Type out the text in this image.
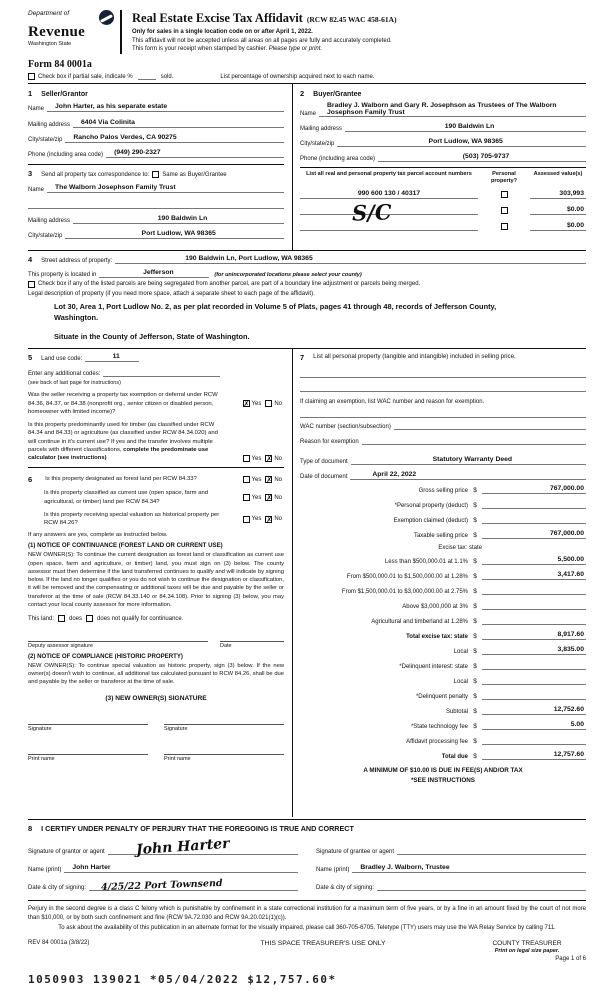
Department of
Revenue
Washington State
Real Estate Excise Tax Affidavit (RCW 82.45 WAC 458-61A)
Only for sales in a single location code on or after April 1, 2022.
This affidavit will not be accepted unless all areas on all pages are fully and accurately completed.
This form is your receipt when stamped by cashier. Please type or print.
Form 84 0001a
Check box if partial sale, indicate %	sold.	List percentage of ownership acquired next to each name.
1	Seller/Grantor
Name	John Harter, as his separate estate
Mailing address	6404 Via Colinita
City/state/zip	Rancho Palos Verdes, CA 90275
Phone (including area code)	(949) 290-2327
3	Send all property tax correspondence to:	Same as Buyer/Grantee
Name	The Walborn Josephson Family Trust
Mailing address	190 Baldwin Ln
City/state/zip	Port Ludlow, WA 98365
2	Buyer/Grantee
Name
Bradley J. Walborn and Gary R. Josephson as Trustees of The Walborn Josephson Family Trust
Mailing address	190 Baldwin Ln
City/state/zip	Port Ludlow, WA 98365
Phone (including area code)	(503) 705-9737
List all real and personal property tax parcel account numbers	Personal property?
Assessed value(s)
990 600 130 / 40317	303,993
$0.00
$0.00
S/C
4	Street address of property:	190 Baldwin Ln, Port Ludlow, WA 98365
This property is located in	Jefferson	(for unincorporated locations please select your county)
Check box if any of the listed parcels are being segregated from another parcel, are part of a boundary line adjustment or parcels being merged.
Legal description of property (if you need more space, attach a separate sheet to each page of the affidavit).
Lot 30, Area 1, Port Ludlow No. 2, as per plat recorded in Volume 5 of Plats, pages 41 through 48, records of Jefferson County, Washington.
Situate in the County of Jefferson, State of Washington.
5	Land use code:	11
Enter any additional codes:
(see back of last page for instructions)
Was the seller receiving a property tax exemption or deferral under RCW 84.36, 84.37, or 84.38 (nonprofit org., senior citizen or disabled person, homeowner with limited income)?
✗ Yes	No
Is this property predominantly used for timber (as classified under RCW 84.34 and 84.33) or agriculture (as classified under RCW 84.34.020) and will continue in it's current use? If yes and the transfer involves multiple parcels with different classifications, complete the predominate use calculator (see instructions)	Yes ✗ No
6	Is this property designated as forest land per RCW 84.33?	Yes ✗ No
Is this property classified as current use (open space, farm and agricultural, or timber) land per RCW 84.34?
Yes ✗ No
Is this property receiving special valuation as historical property per RCW 84.26?
Yes ✗ No
If any answers are yes, complete as instructed below.
(1) NOTICE OF CONTINUANCE (FOREST LAND OR CURRENT USE)
NEW OWNER(S): To continue the current designation as forest land or classification as current use (open space, farm and agriculture, or timber) land, you must sign on (3) below. The county assessor must then determine if the land transferred continues to qualify and will indicate by signing below. If the land no longer qualifies or you do not wish to continue the designation or classification, it will be removed and the compensating or additional taxes will be due and payable by the seller or transferor at the time of sale (RCW 84.33.140 or 84.34.108). Prior to signing (3) below, you may contact your local county assessor for more information.
This land:	does	does not qualify for continuance.
Deputy assessor signature	Date
(2) NOTICE OF COMPLIANCE (HISTORIC PROPERTY)
NEW OWNER(S): To continue special valuation as historic property, sign (3) below. If the new owner(s) doesn't wish to continue, all additional tax calculated pursuant to RCW 84.26, shall be due and payable by the seller or transferor at the time of sale.
(3) NEW OWNER(S) SIGNATURE
Signature	Signature
Print name	Print name
7	List all personal property (tangible and intangible) included in selling price.
If claiming an exemption, list WAC number and reason for exemption.
WAC number (section/subsection)
Reason for exemption
Type of document	Statutory Warranty Deed
Date of document	April 22, 2022
Gross selling price $	767,000.00
*Personal property (deduct) $
Exemption claimed (deduct) $
Taxable selling price $	767,000.00
Excise tax: state
Less than $500,000.01 at 1.1% $	5,500.00
From $500,000.01 to $1,500,000.00 at 1.28% $	3,417.60
From $1,500,000.01 to $3,000,000.00 at 2.75% $
Above $3,000,000 at 3% $
Agricultural and timberland at 1.28% $
Total excise tax: state $	8,917.60
Local $	3,835.00
*Delinquent interest: state $
Local $
*Delinquent penalty $
Subtotal $	12,752.60
*State technology fee $	5.00
Affidavit processing fee $
Total due $	12,757.60
A MINIMUM OF $10.00 IS DUE IN FEE(S) AND/OR TAX
*SEE INSTRUCTIONS
8	I CERTIFY UNDER PENALTY OF PERJURY THAT THE FOREGOING IS TRUE AND CORRECT
Signature of grantor or agent	John Harter
Name (print)	John Harter
Date & city of signing:	4/25/22 Port Townsend
Signature of grantee or agent
Name (print)	Bradley J. Walborn, Trustee
Date & city of signing:
Perjury in the second degree is a class C felony which is punishable by confinement in a state correctional institution for a maximum term of five years, or by a fine in an amount fixed by the court of not more than $10,000, or by both such confinement and fine (RCW 9A.72.030 and RCW 9A.20.021(1)(c)).
To ask about the availability of this publication in an alternate format for the visually impaired, please call 360-705-6705. Teletype (TTY) users may use the WA Relay Service by calling 711.
REV 84 0001a (3/8/22)	THIS SPACE TREASURER'S USE ONLY	COUNTY TREASURER
Print on legal size paper.
Page 1 of 6
1050903 139021 *05/04/2022 $12,757.60*
